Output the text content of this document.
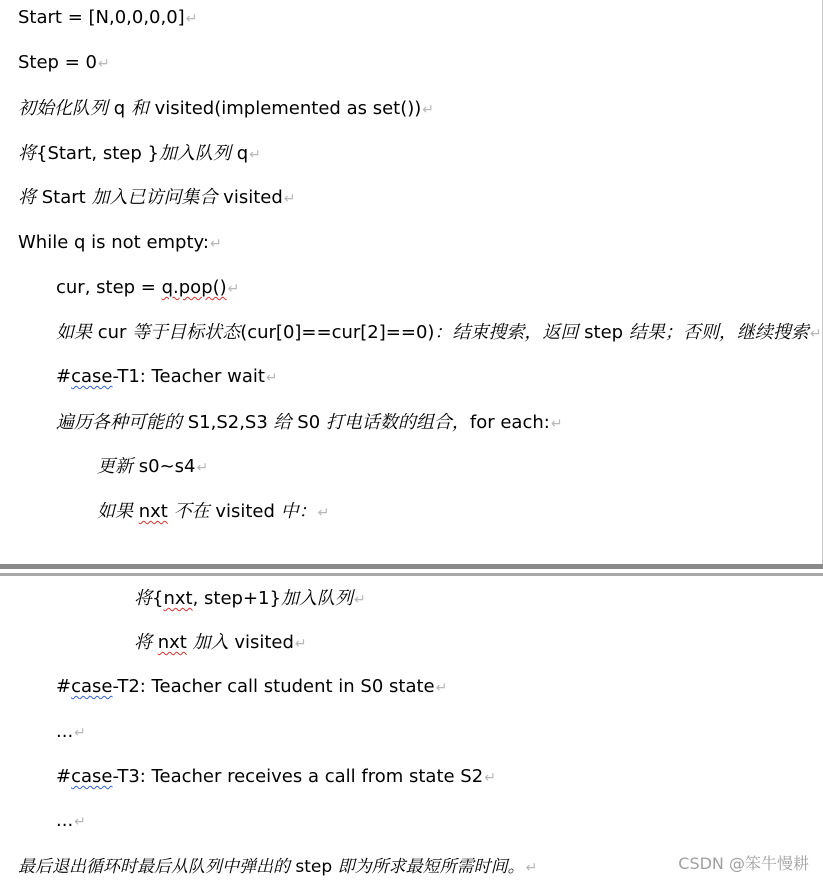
Start = [N,0,0,0,0]↵
Step = 0↵
初始化队列 q 和 visited(implemented as set())↵
将{Start, step }加入队列 q↵
将 Start 加入已访问集合 visited↵
While q is not empty:↵
cur, step = q.pop()↵
如果 cur 等于目标状态(cur[0]==cur[2]==0)：结束搜索，返回 step 结果；否则，继续搜索↵
#case-T1: Teacher wait↵
遍历各种可能的 S1,S2,S3 给 S0 打电话数的组合，for each:↵
更新 s0~s4↵
如果 nxt 不在 visited 中：↵
将{nxt, step+1}加入队列↵
将 nxt 加入 visited↵
#case-T2: Teacher call student in S0 state↵
...↵
#case-T3: Teacher receives a call from state S2↵
...↵
最后退出循环时最后从队列中弹出的 step 即为所求最短所需时间。↵	CSDN @笨牛慢耕
